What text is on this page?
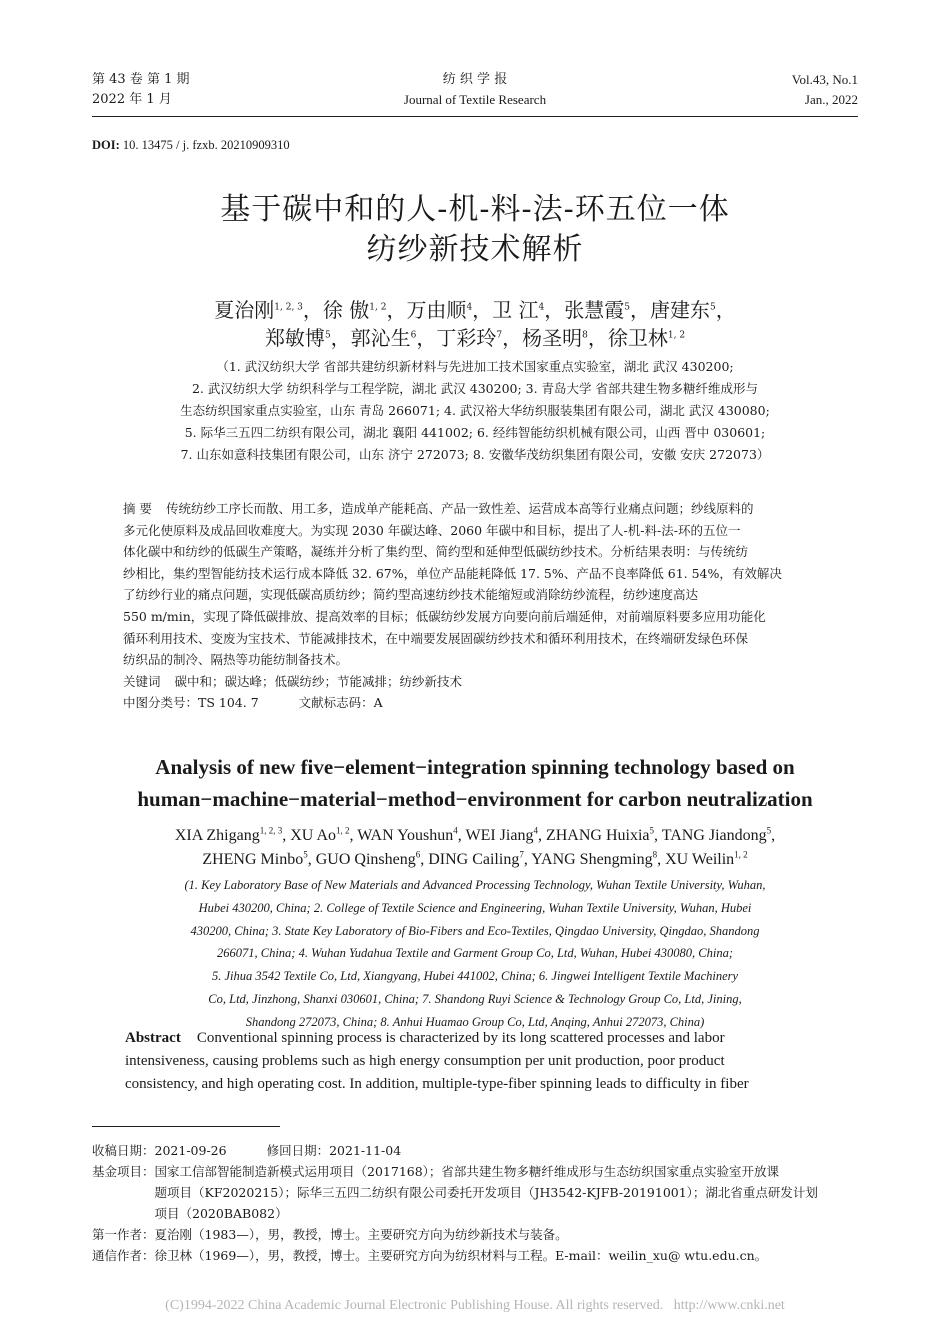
第 43 卷 第 1 期
2022 年 1 月
纺 织 学 报
Journal of Textile Research
Vol.43, No.1
Jan., 2022
DOI: 10. 13475 / j. fzxb. 20210909310
基于碳中和的人-机-料-法-环五位一体
纺纱新技术解析
夏治刚$^{1, 2, 3}$，徐 傲$^{1, 2}$，万由顺$^4$，卫 江$^4$，张慧霞$^5$，唐建东$^5$，
郑敏博$^5$，郭沁生$^6$，丁彩玲$^7$，杨圣明$^8$，徐卫林$^{1, 2}$
（1. 武汉纺织大学 省部共建纺织新材料与先进加工技术国家重点实验室，湖北 武汉 430200;
2. 武汉纺织大学 纺织科学与工程学院，湖北 武汉 430200; 3. 青岛大学 省部共建生物多糖纤维成形与
生态纺织国家重点实验室，山东 青岛 266071; 4. 武汉裕大华纺织服装集团有限公司，湖北 武汉 430080;
5. 际华三五四二纺织有限公司，湖北 襄阳 441002; 6. 经纬智能纺织机械有限公司，山西 晋中 030601;
7. 山东如意科技集团有限公司，山东 济宁 272073; 8. 安徽华茂纺织集团有限公司，安徽 安庆 272073）
摘 要 传统纺纱工序长而散、用工多，造成单产能耗高、产品一致性差、运营成本高等行业痛点问题；纱线原料的
多元化使原料及成品回收难度大。为实现 2030 年碳达峰、2060 年碳中和目标，提出了人-机-料-法-环的五位一
体化碳中和纺纱的低碳生产策略，凝练并分析了集约型、简约型和延伸型低碳纺纱技术。分析结果表明：与传统纺
纱相比，集约型智能纺技术运行成本降低 32. 67%，单位产品能耗降低 17. 5%、产品不良率降低 61. 54%，有效解决
了纺纱行业的痛点问题，实现低碳高质纺纱；简约型高速纺纱技术能缩短或消除纺纱流程，纺纱速度高达
550 m/min，实现了降低碳排放、提高效率的目标；低碳纺纱发展方向要向前后端延伸，对前端原料要多应用功能化
循环利用技术、变废为宝技术、节能减排技术，在中端要发展固碳纺纱技术和循环利用技术，在终端研发绿色环保
纺织品的制冷、隔热等功能纺制备技术。
关键词 碳中和；碳达峰；低碳纺纱；节能减排；纺纱新技术
中图分类号：TS 104. 7	文献标志码：A
Analysis of new five−element−integration spinning technology based on
human−machine−material−method−environment for carbon neutralization
XIA Zhigang$^{1, 2, 3}$, XU Ao$^{1, 2}$, WAN Youshun$^4$, WEI Jiang$^4$, ZHANG Huixia$^5$, TANG Jiandong$^5$,
ZHENG Minbo$^5$, GUO Qinsheng$^6$, DING Cailing$^7$, YANG Shengming$^8$, XU Weilin$^{1, 2}$
(1. Key Laboratory Base of New Materials and Advanced Processing Technology, Wuhan Textile University, Wuhan,
Hubei 430200, China; 2. College of Textile Science and Engineering, Wuhan Textile University, Wuhan, Hubei
430200, China; 3. State Key Laboratory of Bio-Fibers and Eco-Textiles, Qingdao University, Qingdao, Shandong
266071, China; 4. Wuhan Yudahua Textile and Garment Group Co, Ltd, Wuhan, Hubei 430080, China;
5. Jihua 3542 Textile Co, Ltd, Xiangyang, Hubei 441002, China; 6. Jingwei Intelligent Textile Machinery
Co, Ltd, Jinzhong, Shanxi 030601, China; 7. Shandong Ruyi Science & Technology Group Co, Ltd, Jining,
Shandong 272073, China; 8. Anhui Huamao Group Co, Ltd, Anqing, Anhui 272073, China)
Abstract Conventional spinning process is characterized by its long scattered processes and labor
intensiveness, causing problems such as high energy consumption per unit production, poor product
consistency, and high operating cost. In addition, multiple-type-fiber spinning leads to difficulty in fiber
收稿日期：2021-09-26	修回日期：2021-11-04
基金项目： 国家工信部智能制造新模式运用项目（2017168）；省部共建生物多糖纤维成形与生态纺织国家重点实验室开放课
题项目（KF2020215）；际华三五四二纺织有限公司委托开发项目（JH3542-KJFB-20191001）；湖北省重点研发计划
项目（2020BAB082）
第一作者：夏治刚（1983—），男，教授，博士。主要研究方向为纺纱新技术与装备。
通信作者：徐卫林（1969—），男，教授，博士。主要研究方向为纺织材料与工程。E-mail：weilin_xu@ wtu.edu.cn。
(C)1994-2022 China Academic Journal Electronic Publishing House. All rights reserved.   http://www.cnki.net
